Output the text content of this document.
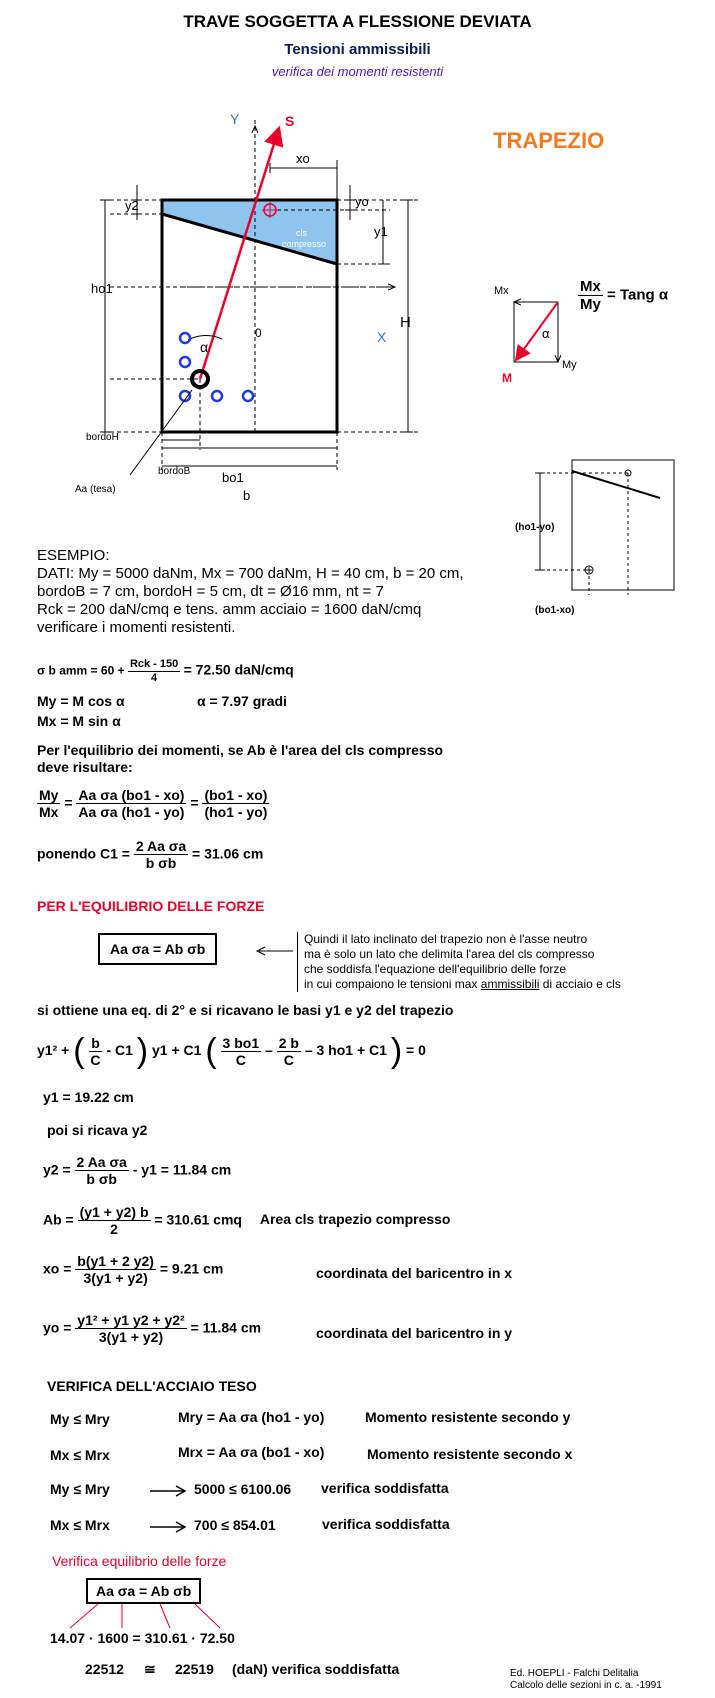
TRAVE SOGGETTA A FLESSIONE DEVIATA
Tensioni ammissibili
verifica dei momenti resistenti
Y	S
xo
yo
y1
y2
ho1
cls
compresso
H
X
0
α
bordoH
bordoB
Aa (tesa)
bo1
b
TRAPEZIO
Mx
My
M
α
$\frac{Mx}{My}$ = Tang α
(ho1-yo)
(bo1-xo)
ESEMPIO:
DATI: My = 5000 daNm, Mx = 700 daNm, H = 40 cm, b = 20 cm,
bordoB = 7 cm, bordoH = 5 cm, dt = Ø16 mm, nt = 7
Rck = 200 daN/cmq e tens. amm acciaio = 1600 daN/cmq
verificare i momenti resistenti.
σ b amm = $60 + \frac{\text{Rck - 150}}{4} = 72.50$ daN/cmq
My = M cos α	α = 7.97 gradi
Mx = M sin α
Per l'equilibrio dei momenti, se Ab è l'area del cls compresso
deve risultare:
$\frac{My}{Mx} = \frac{\text{Aa σa (bo1 - xo)}}{\text{Aa σa (ho1 - yo)}} = \frac{(bo1 - xo)}{(ho1 - yo)}$
ponendo $C1 = \frac{\text{2 Aa σa}}{\text{b σb}} = 31.06$ cm
PER L'EQUILIBRIO DELLE FORZE
Aa σa = Ab σb
Quindi il lato inclinato del trapezio non è l'asse neutro
ma è solo un lato che delimita l'area del cls compresso
che soddisfa l'equazione dell'equilibrio delle forze
in cui compaiono le tensioni max ammissibili di acciaio e cls
si ottiene una eq. di 2° e si ricavano le basi y1 e y2 del trapezio
y1² + ( $\frac{b}{C} - C1$ ) y1 + C1 ( $\frac{3 bo1}{C} - \frac{2 b}{C} - 3$ ho1 + C1 ) = 0
y1 = 19.22 cm
poi si ricava y2
$y2 = \frac{\text{2 Aa σa}}{\text{b σb}} - y1 = 11.84$ cm
$Ab = \frac{(y1 + y2) b}{2} = 310.61$ cmq Area cls trapezio compresso
xo = $\frac{b(y1 + 2 y2)}{3(y1 + y2)} = 9.21$ cm	coordinata del baricentro in x
yo = $\frac{\text{y1² + y1 y2 + y2²}}{3(y1 + y2)} = 11.84$ cm	coordinata del baricentro in y
VERIFICA DELL'ACCIAIO TESO
My ≤ Mry	Mry = Aa σa (ho1 - yo)	Momento resistente secondo y
Mx ≤ Mrx	Mrx = Aa σa (bo1 - xo)	Momento resistente secondo x
My ≤ Mry	5000 ≤ 6100.06 verifica soddisfatta
Mx ≤ Mrx	700 ≤ 854.01	verifica soddisfatta
Verifica equilibrio delle forze
Aa σa = Ab σb
14.07 · 1600 = 310.61 · 72.50
22512 ≅ 22519 (daN) verifica soddisfatta	Ed. HOEPLI - Falchi Delitalia
Calcolo delle sezioni in c. a. -1991
